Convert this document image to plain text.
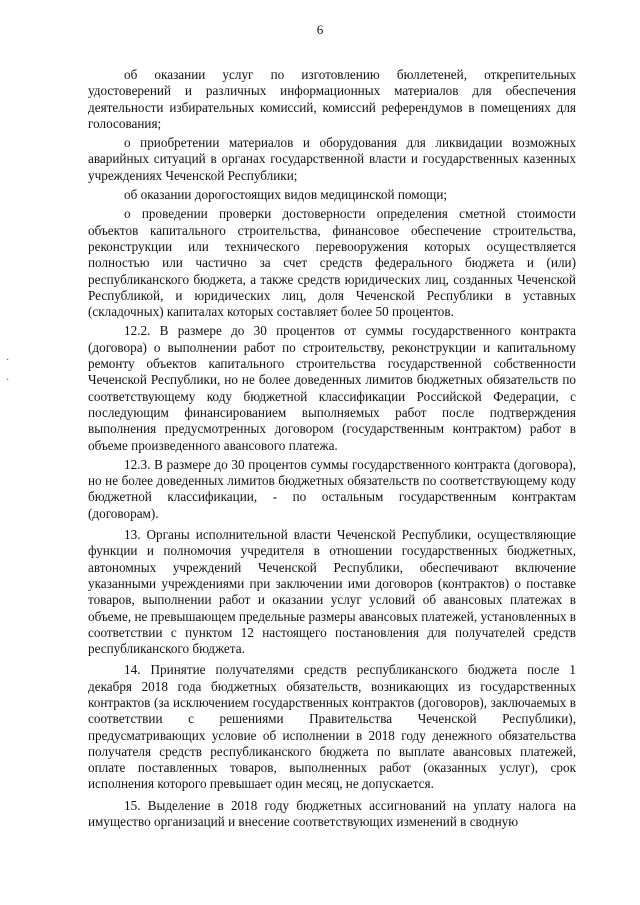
6

об оказании услуг по изготовлению бюллетеней, открепительных удостоверений и различных информационных материалов для обеспечения деятельности избирательных комиссий, комиссий референдумов в помещениях для голосования;

о приобретении материалов и оборудования для ликвидации возможных аварийных ситуаций в органах государственной власти и государственных казенных учреждениях Чеченской Республики;

об оказании дорогостоящих видов медицинской помощи;

о проведении проверки достоверности определения сметной стоимости объектов капитального строительства, финансовое обеспечение строительства, реконструкции или технического перевооружения которых осуществляется полностью или частично за счет средств федерального бюджета и (или) республиканского бюджета, а также средств юридических лиц, созданных Чеченской Республикой, и юридических лиц, доля Чеченской Республики в уставных (складочных) капиталах которых составляет более 50 процентов.

12.2. В размере до 30 процентов от суммы государственного контракта (договора) о выполнении работ по строительству, реконструкции и капитальному ремонту объектов капитального строительства государственной собственности Чеченской Республики, но не более доведенных лимитов бюджетных обязательств по соответствующему коду бюджетной классификации Российской Федерации, с последующим финансированием выполняемых работ после подтверждения выполнения предусмотренных договором (государственным контрактом) работ в объеме произведенного авансового платежа.

12.3. В размере до 30 процентов суммы государственного контракта (договора), но не более доведенных лимитов бюджетных обязательств по соответствующему коду бюджетной классификации, - по остальным государственным контрактам (договорам).

13. Органы исполнительной власти Чеченской Республики, осуществляющие функции и полномочия учредителя в отношении государственных бюджетных, автономных учреждений Чеченской Республики, обеспечивают включение указанными учреждениями при заключении ими договоров (контрактов) о поставке товаров, выполнении работ и оказании услуг условий об авансовых платежах в объеме, не превышающем предельные размеры авансовых платежей, установленных в соответствии с пунктом 12 настоящего постановления для получателей средств республиканского бюджета.

14. Принятие получателями средств республиканского бюджета после 1 декабря 2018 года бюджетных обязательств, возникающих из государственных контрактов (за исключением государственных контрактов (договоров), заключаемых в соответствии с решениями Правительства Чеченской Республики), предусматривающих условие об исполнении в 2018 году денежного обязательства получателя средств республиканского бюджета по выплате авансовых платежей, оплате поставленных товаров, выполненных работ (оказанных услуг), срок исполнения которого превышает один месяц, не допускается.

15. Выделение в 2018 году бюджетных ассигнований на уплату налога на имущество организаций и внесение соответствующих изменений в сводную

·
·
